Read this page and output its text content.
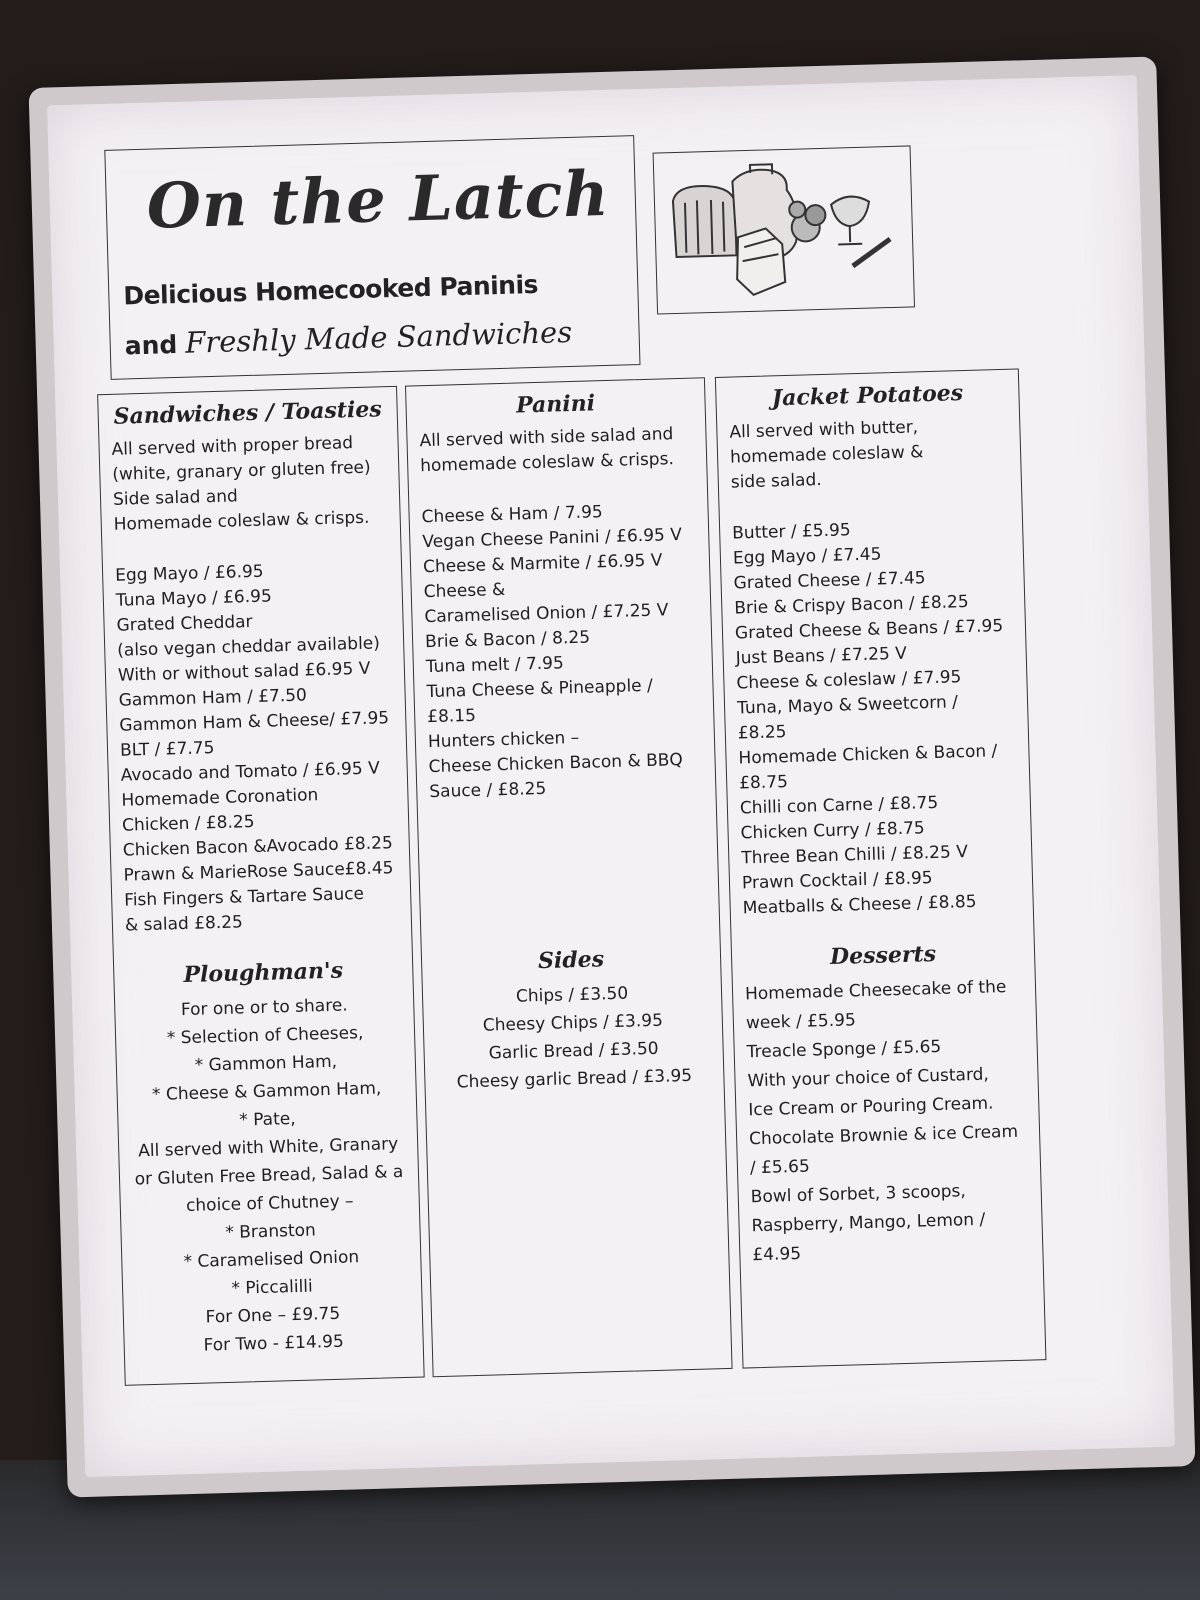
On the Latch
Delicious Homecooked Paninis
and Freshly Made Sandwiches
Sandwiches / Toasties
All served with proper bread
(white, granary or gluten free)
Side salad and
Homemade coleslaw & crisps.
Egg Mayo / £6.95
Tuna Mayo / £6.95
Grated Cheddar
(also vegan cheddar available)
With or without salad £6.95 V
Gammon Ham / £7.50
Gammon Ham & Cheese/ £7.95
BLT / £7.75
Avocado and Tomato / £6.95 V
Homemade Coronation
Chicken / £8.25
Chicken Bacon &Avocado £8.25
Prawn & MarieRose Sauce£8.45
Fish Fingers & Tartare Sauce
& salad £8.25
Ploughman's
For one or to share.
* Selection of Cheeses,
* Gammon Ham,
* Cheese & Gammon Ham,
* Pate,
All served with White, Granary
or Gluten Free Bread, Salad & a
choice of Chutney –
* Branston
* Caramelised Onion
* Piccalilli
For One – £9.75
For Two - £14.95
Panini
All served with side salad and
homemade coleslaw & crisps.
Cheese & Ham / 7.95
Vegan Cheese Panini / £6.95 V
Cheese & Marmite / £6.95 V
Cheese &
Caramelised Onion / £7.25 V
Brie & Bacon / 8.25
Tuna melt / 7.95
Tuna Cheese & Pineapple /
£8.15
Hunters chicken –
Cheese Chicken Bacon & BBQ
Sauce / £8.25
Sides
Chips / £3.50
Cheesy Chips / £3.95
Garlic Bread / £3.50
Cheesy garlic Bread / £3.95
Jacket Potatoes
All served with butter,
homemade coleslaw &
side salad.
Butter / £5.95
Egg Mayo / £7.45
Grated Cheese / £7.45
Brie & Crispy Bacon / £8.25
Grated Cheese & Beans / £7.95
Just Beans / £7.25 V
Cheese & coleslaw / £7.95
Tuna, Mayo & Sweetcorn /
£8.25
Homemade Chicken & Bacon /
£8.75
Chilli con Carne / £8.75
Chicken Curry / £8.75
Three Bean Chilli / £8.25 V
Prawn Cocktail / £8.95
Meatballs & Cheese / £8.85
Desserts
Homemade Cheesecake of the
week / £5.95
Treacle Sponge / £5.65
With your choice of Custard,
Ice Cream or Pouring Cream.
Chocolate Brownie & ice Cream
/ £5.65
Bowl of Sorbet, 3 scoops,
Raspberry, Mango, Lemon /
£4.95
